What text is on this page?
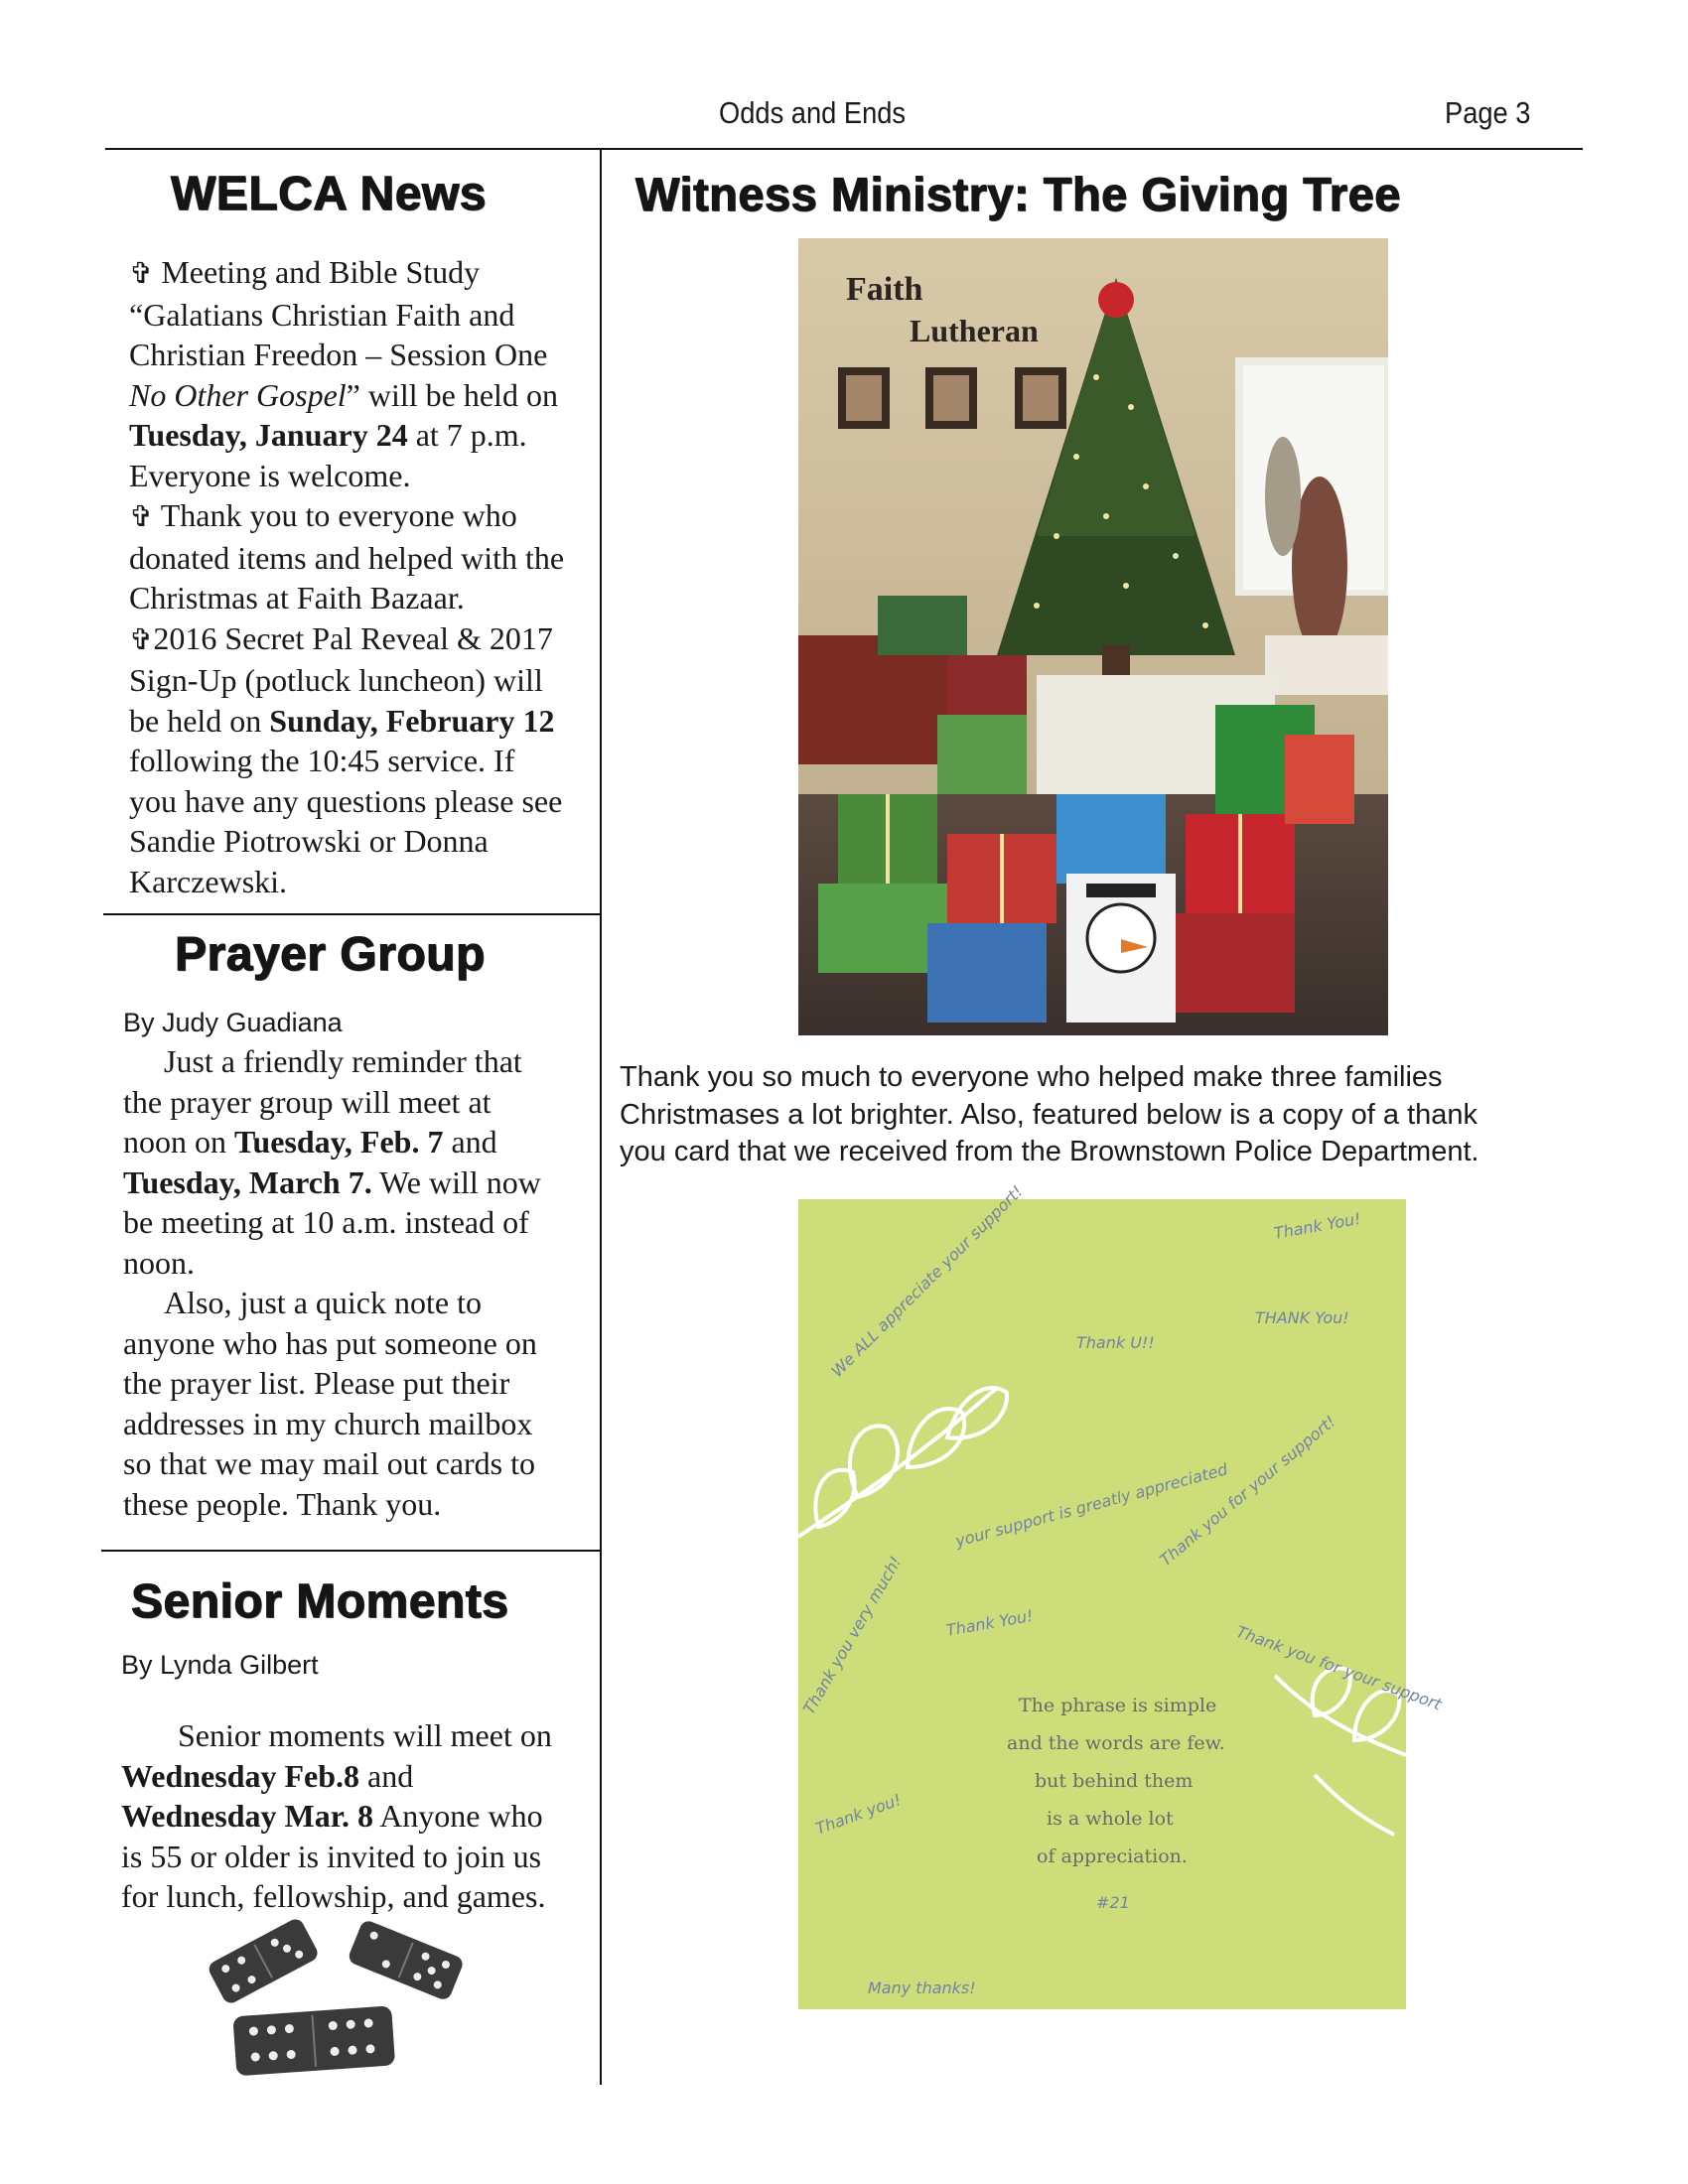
Odds and Ends	Page 3
WELCA News
✞ Meeting and Bible Study
“Galatians Christian Faith and
Christian Freedon – Session One
No Other Gospel” will be held on
Tuesday, January 24 at 7 p.m.
Everyone is welcome.
✞ Thank you to everyone who
donated items and helped with the
Christmas at Faith Bazaar.
✞2016 Secret Pal Reveal & 2017
Sign-Up (potluck luncheon) will
be held on Sunday, February 12
following the 10:45 service. If
you have any questions please see
Sandie Piotrowski or Donna
Karczewski.
Prayer Group
By Judy Guadiana
Just a friendly reminder that
the prayer group will meet at
noon on Tuesday, Feb. 7 and
Tuesday, March 7. We will now
be meeting at 10 a.m. instead of
noon.
Also, just a quick note to
anyone who has put someone on
the prayer list. Please put their
addresses in my church mailbox
so that we may mail out cards to
these people. Thank you.
Senior Moments
By Lynda Gilbert
Senior moments will meet on
Wednesday Feb.8 and
Wednesday Mar. 8 Anyone who
is 55 or older is invited to join us
for lunch, fellowship, and games.
Witness Ministry: The Giving Tree
Faith
Lutheran
Thank you so much to everyone who helped make three families
Christmases a lot brighter. Also, featured below is a copy of a thank
you card that we received from the Brownstown Police Department.
The phrase is simple
and the words are few.
but behind them
is a whole lot
of appreciation.
Thank You!
Thank U!!
THANK You!
We ALL appreciate your support!
your support is greatly appreciated
Thank you for your support!
Thank you very much! Thank You!	Thank you for your support
Many thanks!
Thank you!
#21
